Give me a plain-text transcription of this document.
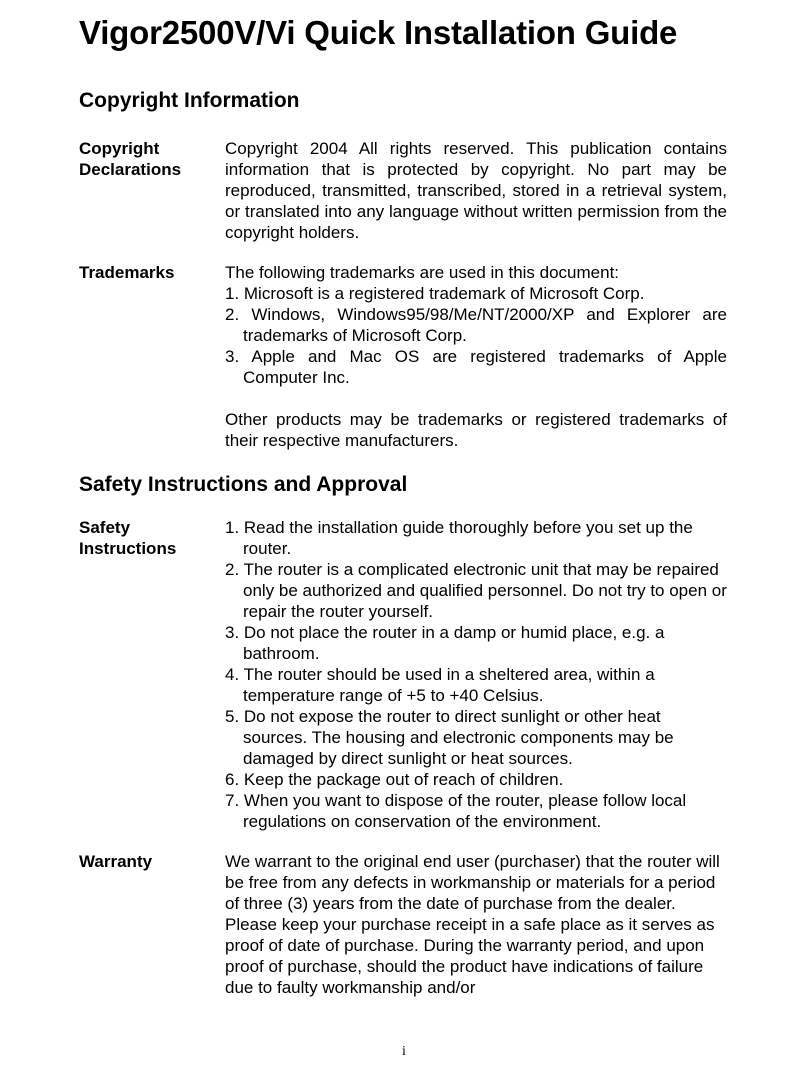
Vigor2500V/Vi Quick Installation Guide
Copyright Information
Copyright Declarations
Copyright 2004 All rights reserved. This publication contains information that is protected by copyright. No part may be reproduced, transmitted, transcribed, stored in a retrieval system, or translated into any language without written permission from the copyright holders.
Trademarks	The following trademarks are used in this document:
1. Microsoft is a registered trademark of Microsoft Corp.
2. Windows, Windows95/98/Me/NT/2000/XP and Explorer are trademarks of Microsoft Corp.
3. Apple and Mac OS are registered trademarks of Apple Computer Inc.
Other products may be trademarks or registered trademarks of their respective manufacturers.
Safety Instructions and Approval
Safety Instructions
1. Read the installation guide thoroughly before you set up the router.
2. The router is a complicated electronic unit that may be repaired only be authorized and qualified personnel. Do not try to open or repair the router yourself.
3. Do not place the router in a damp or humid place, e.g. a bathroom.
4. The router should be used in a sheltered area, within a temperature range of +5 to +40 Celsius.
5. Do not expose the router to direct sunlight or other heat sources. The housing and electronic components may be damaged by direct sunlight or heat sources.
6. Keep the package out of reach of children.
7. When you want to dispose of the router, please follow local regulations on conservation of the environment.
Warranty	We warrant to the original end user (purchaser) that the router will be free from any defects in workmanship or materials for a period of three (3) years from the date of purchase from the dealer. Please keep your purchase receipt in a safe place as it serves as proof of date of purchase. During the warranty period, and upon proof of purchase, should the product have indications of failure due to faulty workmanship and/or
i
